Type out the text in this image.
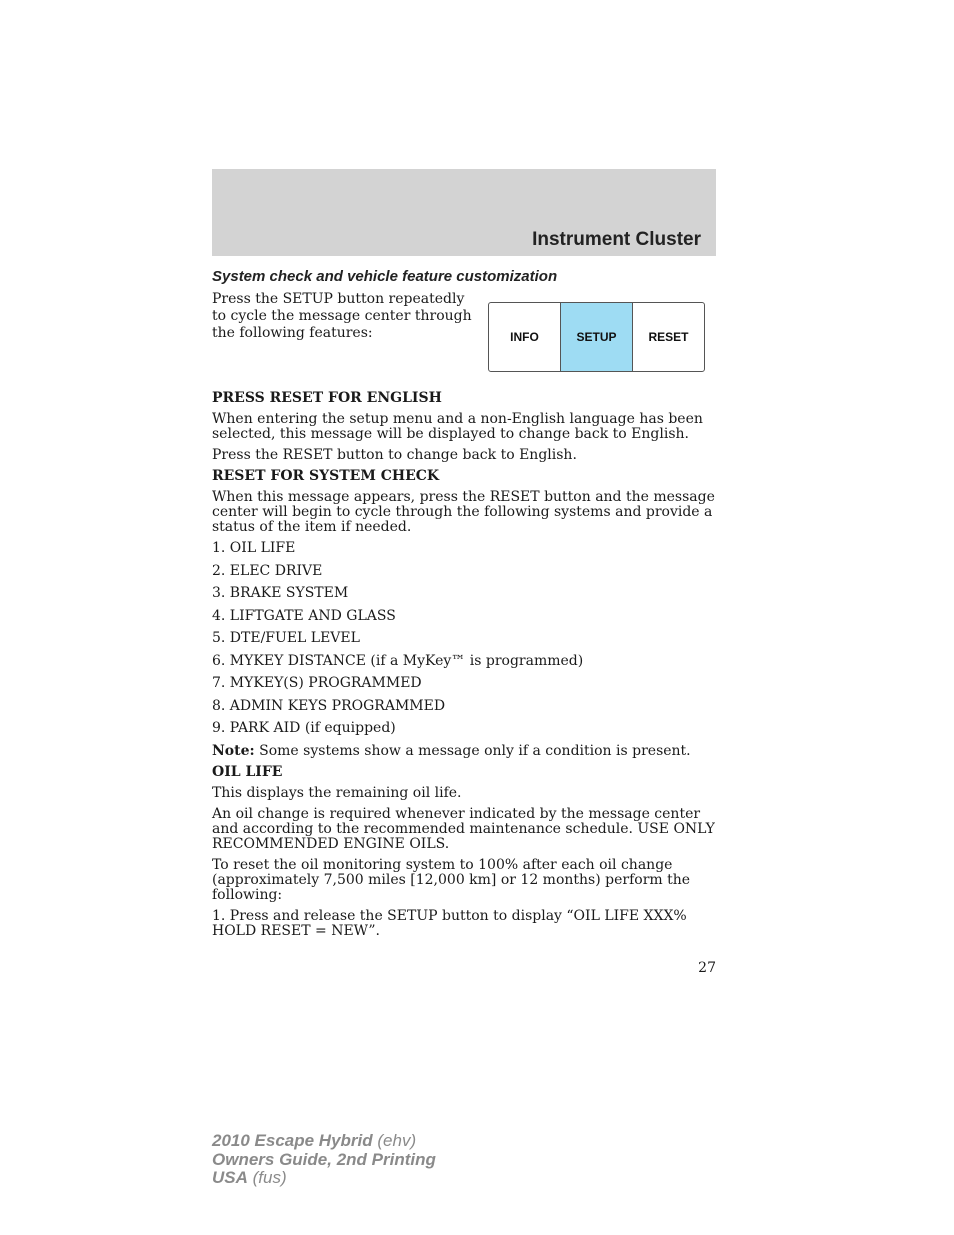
Instrument Cluster
System check and vehicle feature customization
Press the SETUP button repeatedly to cycle the message center through the following features:	INFO	SETUP	RESET
PRESS RESET FOR ENGLISH
When entering the setup menu and a non-English language has been selected, this message will be displayed to change back to English.
Press the RESET button to change back to English.
RESET FOR SYSTEM CHECK
When this message appears, press the RESET button and the message center will begin to cycle through the following systems and provide a status of the item if needed.
1. OIL LIFE
2. ELEC DRIVE
3. BRAKE SYSTEM
4. LIFTGATE AND GLASS
5. DTE/FUEL LEVEL
6. MYKEY DISTANCE (if a MyKey™ is programmed)
7. MYKEY(S) PROGRAMMED
8. ADMIN KEYS PROGRAMMED
9. PARK AID (if equipped)
Note: Some systems show a message only if a condition is present.
OIL LIFE
This displays the remaining oil life.
An oil change is required whenever indicated by the message center and according to the recommended maintenance schedule. USE ONLY RECOMMENDED ENGINE OILS.
To reset the oil monitoring system to 100% after each oil change (approximately 7,500 miles [12,000 km] or 12 months) perform the following:
1. Press and release the SETUP button to display “OIL LIFE XXX% HOLD RESET = NEW”.
27
2010 Escape Hybrid (ehv)
Owners Guide, 2nd Printing
USA (fus)
